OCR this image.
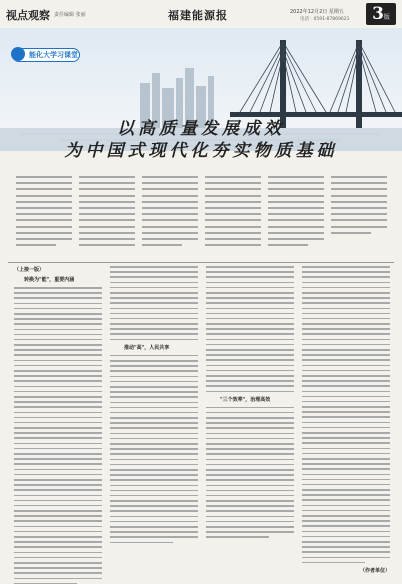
视点观察 责任编辑 张丽	福建能源报	2022年12月2日 星期五
电话：0591-87869621	3版
能化大学习课堂
以高质量发展成效
为中国式现代化夯实物质基础
（上接一版）
转换为"能"，重要内涵
推动"高"，人民共享
"三个效率"，治理高效
（作者单位）
